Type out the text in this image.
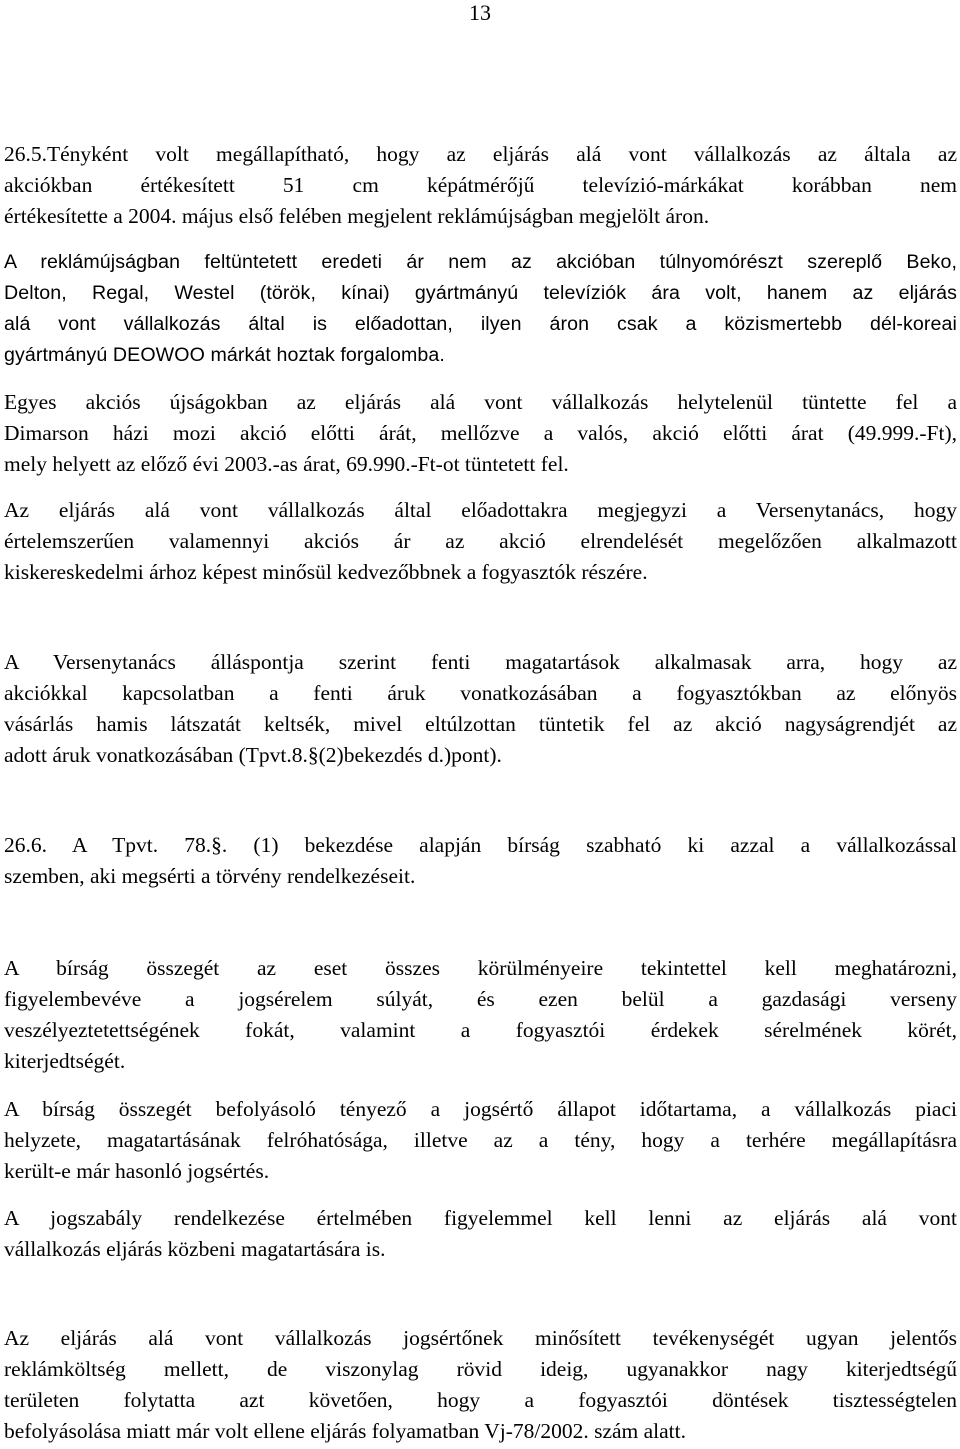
13
26.5.Tényként volt megállapítható, hogy az eljárás alá vont vállalkozás az általa az
akciókban értékesített 51 cm képátmérőjű televízió-márkákat korábban nem
értékesítette a 2004. május első felében megjelent reklámújságban megjelölt áron.
A reklámújságban feltüntetett eredeti ár nem az akcióban túlnyomórészt szereplő Beko,
Delton, Regal, Westel (török, kínai) gyártmányú televíziók ára volt, hanem az eljárás
alá vont vállalkozás által is előadottan, ilyen áron csak a közismertebb dél-koreai
gyártmányú DEOWOO márkát hoztak forgalomba.
Egyes akciós újságokban az eljárás alá vont vállalkozás helytelenül tüntette fel a
Dimarson házi mozi akció előtti árát, mellőzve a valós, akció előtti árat (49.999.-Ft),
mely helyett az előző évi 2003.-as árat, 69.990.-Ft-ot tüntetett fel.
Az eljárás alá vont vállalkozás által előadottakra megjegyzi a Versenytanács, hogy
értelemszerűen valamennyi akciós ár az akció elrendelését megelőzően alkalmazott
kiskereskedelmi árhoz képest minősül kedvezőbbnek a fogyasztók részére.
A Versenytanács álláspontja szerint fenti magatartások alkalmasak arra, hogy az
akciókkal kapcsolatban a fenti áruk vonatkozásában a fogyasztókban az előnyös
vásárlás hamis látszatát keltsék, mivel eltúlzottan tüntetik fel az akció nagyságrendjét az
adott áruk vonatkozásában (Tpvt.8.§(2)bekezdés d.)pont).
26.6. A Tpvt. 78.§. (1) bekezdése alapján bírság szabható ki azzal a vállalkozással
szemben, aki megsérti a törvény rendelkezéseit.
A bírság összegét az eset összes körülményeire tekintettel kell meghatározni,
figyelembevéve a jogsérelem súlyát, és ezen belül a gazdasági verseny
veszélyeztetettségének fokát, valamint a fogyasztói érdekek sérelmének körét,
kiterjedtségét.
A bírság összegét befolyásoló tényező a jogsértő állapot időtartama, a vállalkozás piaci
helyzete, magatartásának felróhatósága, illetve az a tény, hogy a terhére megállapításra
került-e már hasonló jogsértés.
A jogszabály rendelkezése értelmében figyelemmel kell lenni az eljárás alá vont
vállalkozás eljárás közbeni magatartására is.
Az eljárás alá vont vállalkozás jogsértőnek minősített tevékenységét ugyan jelentős
reklámköltség mellett, de viszonylag rövid ideig, ugyanakkor nagy kiterjedtségű
területen folytatta azt követően, hogy a fogyasztói döntések tisztességtelen
befolyásolása miatt már volt ellene eljárás folyamatban Vj-78/2002. szám alatt.
